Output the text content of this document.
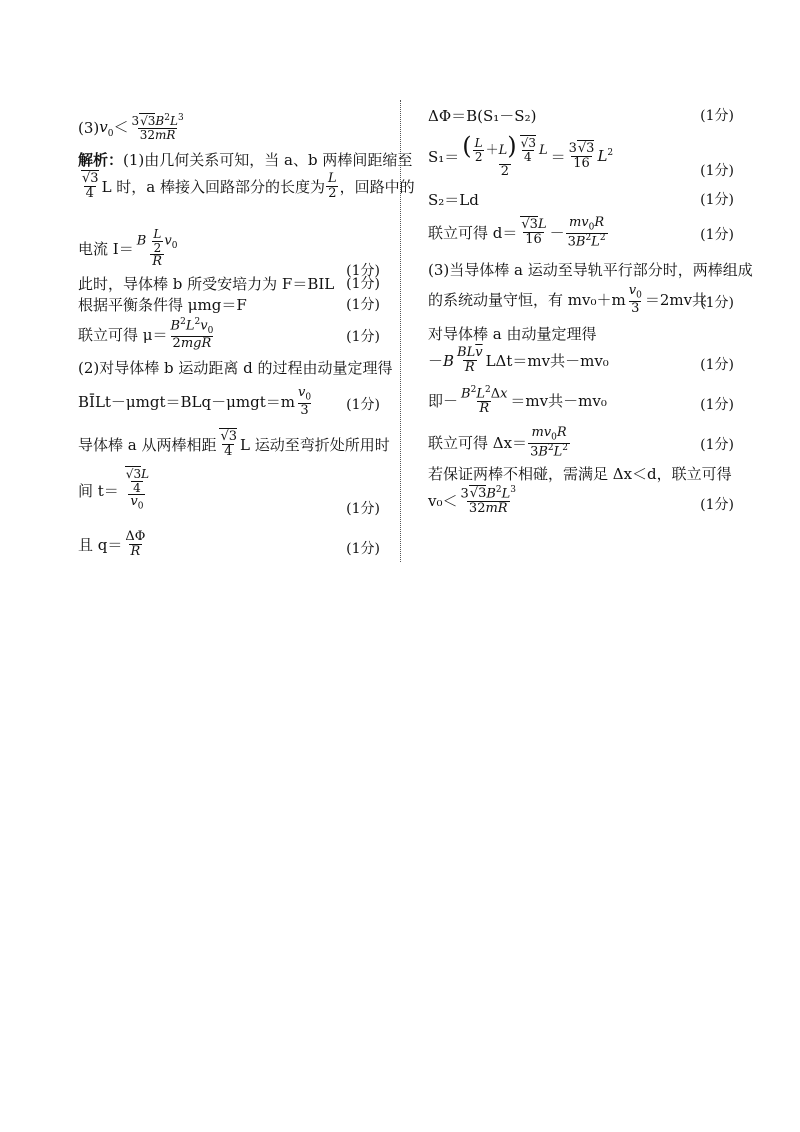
(3) $v_0< \frac{3√3B^2L^3}{32mR}$
解析：(1)由几何关系可知，当 a、b 两棒间距缩至
$\frac{√3}{4}$ L 时，a 棒接入回路部分的长度为 $\frac{L}{2}$ ，回路中的
电流 $I= \frac{B \frac{L}{2} v_0}{R}$
(1分)
此时，导体棒 b 所受安培力为 F＝BIL (1分)
根据平衡条件得 μmg＝F	(1分)
联立可得 $\mu= \frac{B^2L^2v_0}{\text{2mgR}}$	(1分)
(2)对导体棒 b 运动距离 d 的过程由动量定理得
BĪLt－μmgt＝BLq－μmgt＝m $\frac{v_0}{3} (1$分)
导体棒 a 从两棒相距 $\frac{√3}{4}$ L 运动至弯折处所用时
间 $t= \frac{\frac{√3L}{4}}{v_0}$	(1分)
且 $q= \frac{\Delta\Phi}{R}$	(1分)
ΔΦ＝B(S₁－S₂)	(1分)
$S_1= \frac{( \frac{L}{2} +L) \frac{√3}{4} L}{2} = \frac{3√3}{16} L^2$
(1分)
S₂＝Ld	(1分)
联立可得 $d= \frac{√3L}{16} - \frac{mv_0R}{3B^2L^2}$	(1分)
(3)当导体棒 a 运动至导轨平行部分时，两棒组成
的系统动量守恒，有 $mv_0+m \frac{v_0}{3} =2mv$共
(1分)
对导体棒 a 由动量定理得
$-B \frac{BL\overline{v}}{R} L\Delta t=mv$共－mv₀	(1分)
即－ $\frac{B^2L^2\Delta x}{R} =mv$共－mv₀	(1分)
联立可得 $\Delta x= \frac{mv_0R}{3B^2L^2}$	(1分)
若保证两棒不相碰，需满足 Δx＜d，联立可得
$v_0< \frac{3√3B^2L^3}{32mR}$	(1分)
